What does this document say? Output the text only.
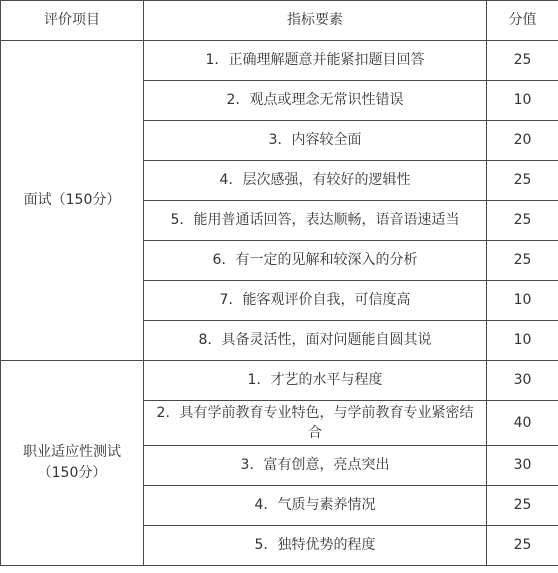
评价项目	指标要素	分值
面试（150分）	1．正确理解题意并能紧扣题目回答	25
	2．观点或理念无常识性错误	10
	3．内容较全面	20
	4．层次感强，有较好的逻辑性	25
	5．能用普通话回答，表达顺畅，语音语速适当	25
	6．有一定的见解和较深入的分析	25
	7．能客观评价自我，可信度高	10
	8．具备灵活性，面对问题能自圆其说	10
职业适应性测试（150分）	1．才艺的水平与程度	30
	2．具有学前教育专业特色，与学前教育专业紧密结合	40
	3．富有创意，亮点突出	30
	4．气质与素养情况	25
	5．独特优势的程度	25
